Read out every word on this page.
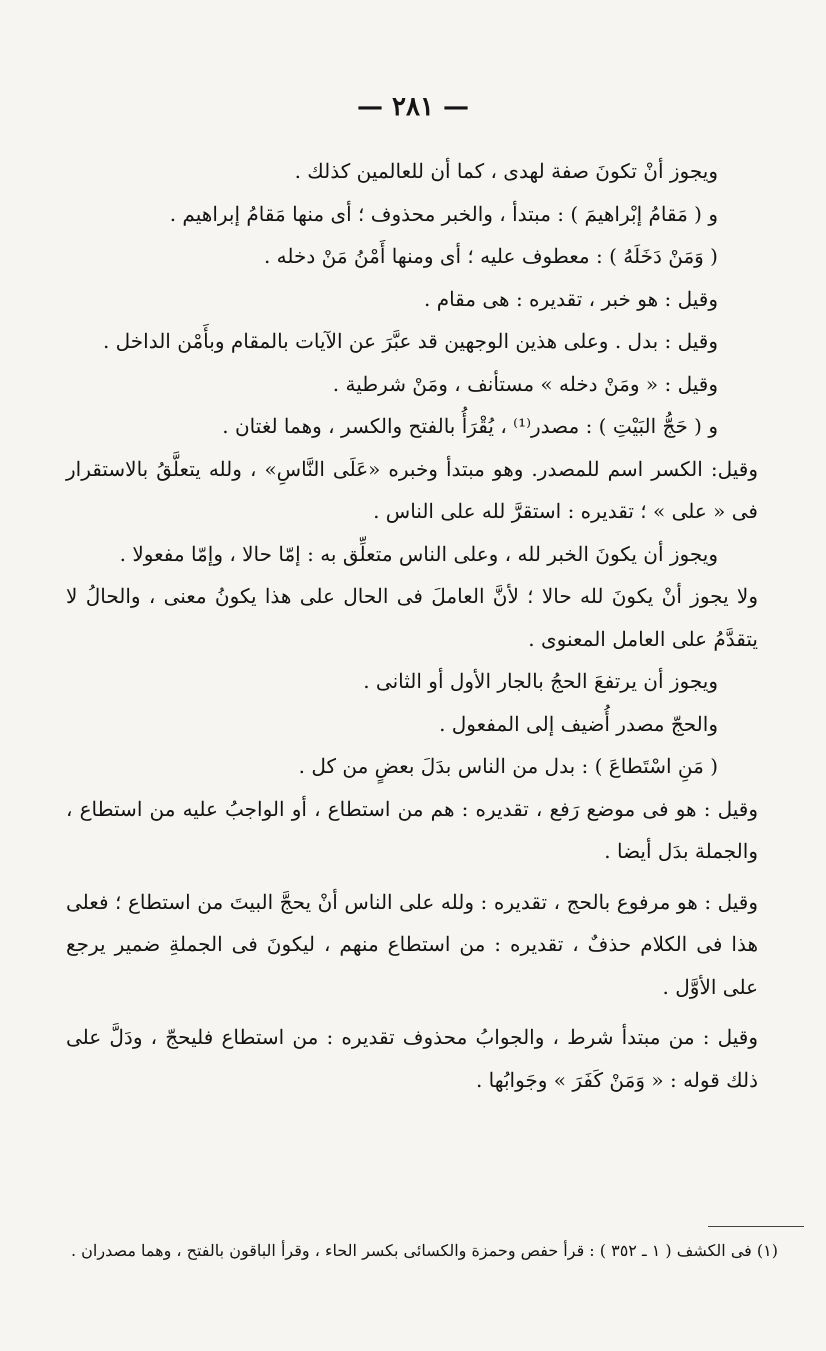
— ٢٨١ —

ويجوز أنْ تكونَ صفة لهدى ، كما أن للعالمين كذلك .

و ( مَقامُ إبْراهيمَ ) : مبتدأ ، والخبر محذوف ؛ أى منها مَقامُ إبراهيم .

( وَمَنْ دَخَلَهُ ) : معطوف عليه ؛ أى ومنها أَمْنُ مَنْ دخله .

وقيل : هو خبر ، تقديره : هى مقام .

وقيل : بدل . وعلى هذين الوجهين قد عبَّرَ عن الآيات بالمقام وبأَمْن الداخل .

وقيل : « ومَنْ دخله » مستأنف ، ومَنْ شرطية .

و ( حَجُّ البَيْتِ ) : مصدر⁽¹⁾ ، يُقْرَأُ بالفتح والكسر ، وهما لغتان .

وقيل: الكسر اسم للمصدر. وهو مبتدأ وخبره «عَلَى النَّاسِ» ، ولله يتعلَّقُ بالاستقرار فى « على » ؛ تقديره : استقرَّ لله على الناس .

ويجوز أن يكونَ الخبر لله ، وعلى الناس متعلِّق به : إمّا حالا ، وإمّا مفعولا .

ولا يجوز أنْ يكونَ لله حالا ؛ لأنَّ العاملَ فى الحال على هذا يكونُ معنى ، والحالُ لا يتقدَّمُ على العامل المعنوى .

ويجوز أن يرتفعَ الحجُ بالجار الأول أو الثانى .

والحجّ مصدر أُضيف إلى المفعول .

( مَنِ اسْتَطاعَ ) : بدل من الناس بدَلَ بعضٍ من كل .

وقيل : هو فى موضع رَفع ، تقديره : هم من استطاع ، أو الواجبُ عليه من استطاع ، والجملة بدَل أيضا .

وقيل : هو مرفوع بالحج ، تقديره : ولله على الناس أنْ يحجَّ البيتَ من استطاع ؛ فعلى هذا فى الكلام حذفٌ ، تقديره : من استطاع منهم ، ليكونَ فى الجملةِ ضمير يرجع على الأوَّل .

وقيل : من مبتدأ شرط ، والجوابُ محذوف تقديره : من استطاع فليحجّ ، ودَلَّ على ذلك قوله : « وَمَنْ كَفَرَ » وجَوابُها .

(١) فى الكشف ( ١ ـ ٣٥٢ ) : قرأ حفص وحمزة والكسائى بكسر الحاء ، وقرأ الباقون بالفتح ، وهما مصدران .
